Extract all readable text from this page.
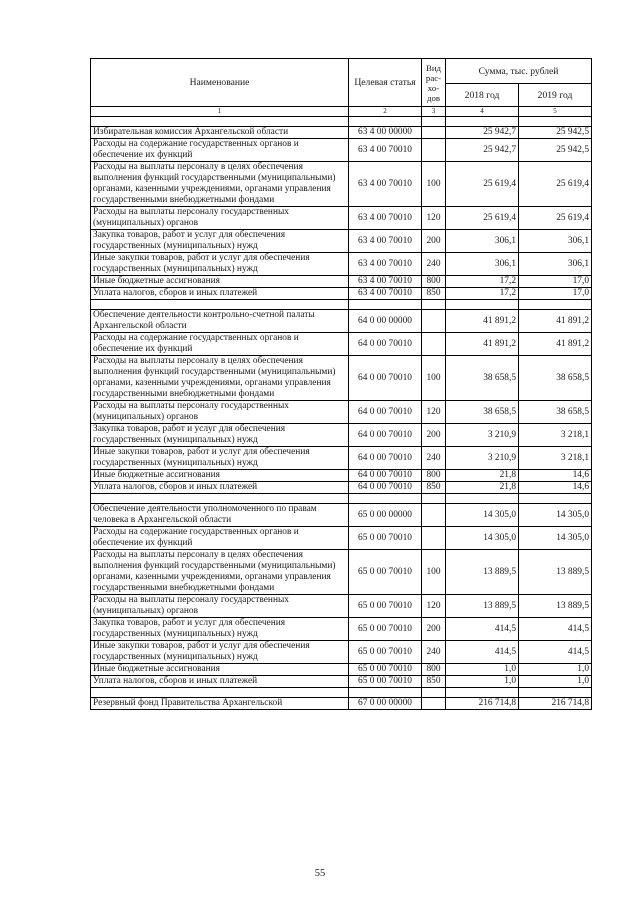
Наименование	Целевая статья	Вид рас- хо- дов	Сумма, тыс. рублей	
			2018 год	2019 год
1	2	3	4	5

Избирательная комиссия Архангельской области	63 4 00 00000		25 942,7	25 942,5
Расходы на содержание государственных органов и обеспечение их функций	63 4 00 70010		25 942,7	25 942,5
Расходы на выплаты персоналу в целях обеспечения выполнения функций государственными (муниципальными) органами, казенными учреждениями, органами управления государственными внебюджетными фондами	63 4 00 70010	100	25 619,4	25 619,4
Расходы на выплаты персоналу государственных (муниципальных) органов	63 4 00 70010	120	25 619,4	25 619,4
Закупка товаров, работ и услуг для обеспечения государственных (муниципальных) нужд	63 4 00 70010	200	306,1	306,1
Иные закупки товаров, работ и услуг для обеспечения государственных (муниципальных) нужд	63 4 00 70010	240	306,1	306,1
Иные бюджетные ассигнования	63 4 00 70010	800	17,2	17,0
Уплата налогов, сборов и иных платежей	63 4 00 70010	850	17,2	17,0

Обеспечение деятельности контрольно-счетной палаты Архангельской области	64 0 00 00000		41 891,2	41 891,2
Расходы на содержание государственных органов и обеспечение их функций	64 0 00 70010		41 891,2	41 891,2
Расходы на выплаты персоналу в целях обеспечения выполнения функций государственными (муниципальными) органами, казенными учреждениями, органами управления государственными внебюджетными фондами	64 0 00 70010	100	38 658,5	38 658,5
Расходы на выплаты персоналу государственных (муниципальных) органов	64 0 00 70010	120	38 658,5	38 658,5
Закупка товаров, работ и услуг для обеспечения государственных (муниципальных) нужд	64 0 00 70010	200	3 210,9	3 218,1
Иные закупки товаров, работ и услуг для обеспечения государственных (муниципальных) нужд	64 0 00 70010	240	3 210,9	3 218,1
Иные бюджетные ассигнования	64 0 00 70010	800	21,8	14,6
Уплата налогов, сборов и иных платежей	64 0 00 70010	850	21,8	14,6

Обеспечение деятельности уполномоченного по правам человека в Архангельской области	65 0 00 00000		14 305,0	14 305,0
Расходы на содержание государственных органов и обеспечение их функций	65 0 00 70010		14 305,0	14 305,0
Расходы на выплаты персоналу в целях обеспечения выполнения функций государственными (муниципальными) органами, казенными учреждениями, органами управления государственными внебюджетными фондами	65 0 00 70010	100	13 889,5	13 889,5
Расходы на выплаты персоналу государственных (муниципальных) органов	65 0 00 70010	120	13 889,5	13 889,5
Закупка товаров, работ и услуг для обеспечения государственных (муниципальных) нужд	65 0 00 70010	200	414,5	414,5
Иные закупки товаров, работ и услуг для обеспечения государственных (муниципальных) нужд	65 0 00 70010	240	414,5	414,5
Иные бюджетные ассигнования	65 0 00 70010	800	1,0	1,0
Уплата налогов, сборов и иных платежей	65 0 00 70010	850	1,0	1,0

Резервный фонд Правительства Архангельской	67 0 00 00000		216 714,8	216 714,8
55
